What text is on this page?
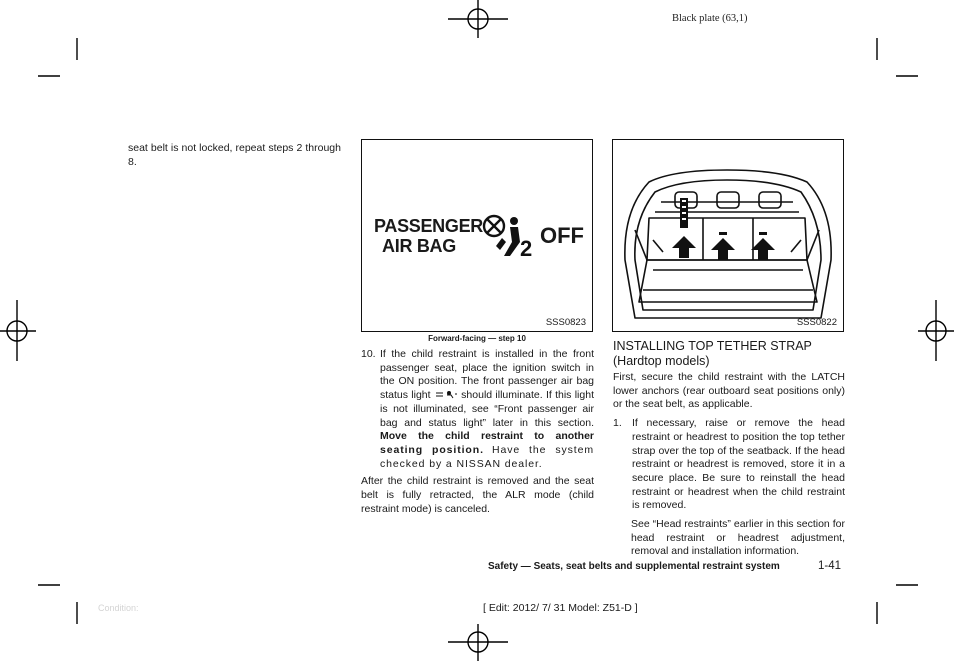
Black plate (63,1)
seat belt is not locked, repeat steps 2 through 8.
PASSENGER
AIR BAG	2
OFF
SSS0823
Forward-facing — step 10
SSS0822
10. If the child restraint is installed in the front passenger seat, place the ignition switch in the ON position. The front passenger air bag status light	should illuminate. If this light is not illuminated, see “Front passenger air bag and status light” later in this section. Move the child restraint to another seating position. Have the system checked by a NISSAN dealer.
After the child restraint is removed and the seat belt is fully retracted, the ALR mode (child restraint mode) is canceled.
INSTALLING TOP TETHER STRAP
(Hardtop models)
First, secure the child restraint with the LATCH lower anchors (rear outboard seat positions only) or the seat belt, as applicable.
1. If necessary, raise or remove the head restraint or headrest to position the top tether strap over the top of the seatback. If the head restraint or headrest is removed, store it in a secure place. Be sure to reinstall the head restraint or headrest when the child restraint is removed.
See “Head restraints” earlier in this section for head restraint or headrest adjustment, removal and installation information.
Safety — Seats, seat belts and supplemental restraint system	1-41
Condition:	[ Edit: 2012/ 7/ 31 Model: Z51-D ]
